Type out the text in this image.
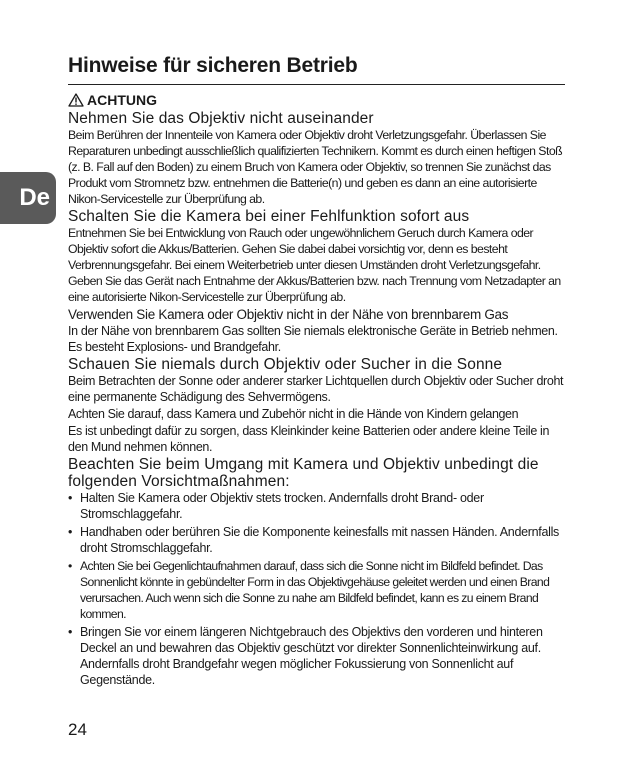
De
Hinweise für sicheren Betrieb
ACHTUNG
Nehmen Sie das Objektiv nicht auseinander
Beim Berühren der Innenteile von Kamera oder Objektiv droht Verletzungsgefahr. Überlassen Sie Reparaturen unbedingt ausschließlich qualifizierten Technikern. Kommt es durch einen heftigen Stoß (z. B. Fall auf den Boden) zu einem Bruch von Kamera oder Objektiv, so trennen Sie zunächst das Produkt vom Stromnetz bzw. entnehmen die Batterie(n) und geben es dann an eine autorisierte Nikon-Servicestelle zur Überprüfung ab.
Schalten Sie die Kamera bei einer Fehlfunktion sofort aus
Entnehmen Sie bei Entwicklung von Rauch oder ungewöhnlichem Geruch durch Kamera oder Objektiv sofort die Akkus/Batterien. Gehen Sie dabei dabei vorsichtig vor, denn es besteht Verbrennungsgefahr. Bei einem Weiterbetrieb unter diesen Umständen droht Verletzungsgefahr. Geben Sie das Gerät nach Entnahme der Akkus/Batterien bzw. nach Trennung vom Netzadapter an eine autorisierte Nikon-Servicestelle zur Überprüfung ab.
Verwenden Sie Kamera oder Objektiv nicht in der Nähe von brennbarem Gas
In der Nähe von brennbarem Gas sollten Sie niemals elektronische Geräte in Betrieb nehmen. Es besteht Explosions- und Brandgefahr.
Schauen Sie niemals durch Objektiv oder Sucher in die Sonne
Beim Betrachten der Sonne oder anderer starker Lichtquellen durch Objektiv oder Sucher droht eine permanente Schädigung des Sehvermögens.
Achten Sie darauf, dass Kamera und Zubehör nicht in die Hände von Kindern gelangen
Es ist unbedingt dafür zu sorgen, dass Kleinkinder keine Batterien oder andere kleine Teile in den Mund nehmen können.
Beachten Sie beim Umgang mit Kamera und Objektiv unbedingt die folgenden Vorsichtmaßnahmen:
• Halten Sie Kamera oder Objektiv stets trocken. Andernfalls droht Brand- oder Stromschlaggefahr.
• Handhaben oder berühren Sie die Komponente keinesfalls mit nassen Händen. Andernfalls droht Stromschlaggefahr.
• Achten Sie bei Gegenlichtaufnahmen darauf, dass sich die Sonne nicht im Bildfeld befindet. Das Sonnenlicht könnte in gebündelter Form in das Objektivgehäuse geleitet werden und einen Brand verursachen. Auch wenn sich die Sonne zu nahe am Bildfeld befindet, kann es zu einem Brand kommen.
• Bringen Sie vor einem längeren Nichtgebrauch des Objektivs den vorderen und hinteren Deckel an und bewahren das Objektiv geschützt vor direkter Sonnenlichteinwirkung auf. Andernfalls droht Brandgefahr wegen möglicher Fokussierung von Sonnenlicht auf Gegenstände.
24
